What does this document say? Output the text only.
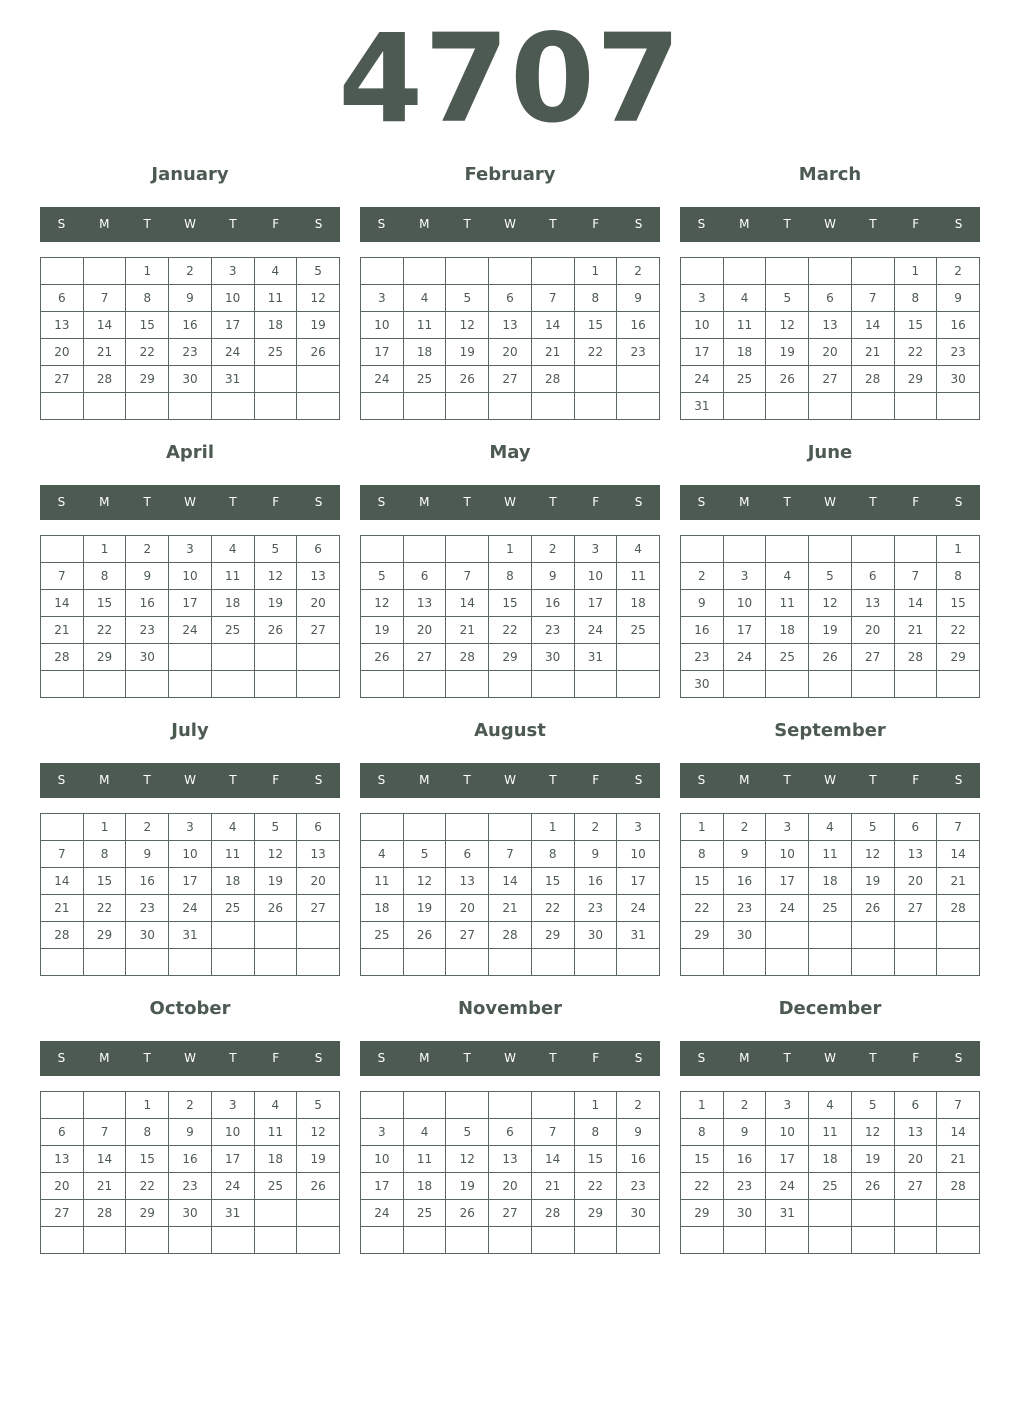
4707
January
S	M	T	W	T	F	S
		1	2	3	4	5
6	7	8	9	10	11	12
13	14	15	16	17	18	19
20	21	22	23	24	25	26
27	28	29	30	31		

February
S	M	T	W	T	F	S
					1	2
3	4	5	6	7	8	9
10	11	12	13	14	15	16
17	18	19	20	21	22	23
24	25	26	27	28		

March
S	M	T	W	T	F	S
					1	2
3	4	5	6	7	8	9
10	11	12	13	14	15	16
17	18	19	20	21	22	23
24	25	26	27	28	29	30
31						
April
S	M	T	W	T	F	S
	1	2	3	4	5	6
7	8	9	10	11	12	13
14	15	16	17	18	19	20
21	22	23	24	25	26	27
28	29	30				

May
S	M	T	W	T	F	S
			1	2	3	4
5	6	7	8	9	10	11
12	13	14	15	16	17	18
19	20	21	22	23	24	25
26	27	28	29	30	31	

June
S	M	T	W	T	F	S
						1
2	3	4	5	6	7	8
9	10	11	12	13	14	15
16	17	18	19	20	21	22
23	24	25	26	27	28	29
30						
July
S	M	T	W	T	F	S
	1	2	3	4	5	6
7	8	9	10	11	12	13
14	15	16	17	18	19	20
21	22	23	24	25	26	27
28	29	30	31			

August
S	M	T	W	T	F	S
				1	2	3
4	5	6	7	8	9	10
11	12	13	14	15	16	17
18	19	20	21	22	23	24
25	26	27	28	29	30	31

September
S	M	T	W	T	F	S
1	2	3	4	5	6	7
8	9	10	11	12	13	14
15	16	17	18	19	20	21
22	23	24	25	26	27	28
29	30					

October
S	M	T	W	T	F	S
		1	2	3	4	5
6	7	8	9	10	11	12
13	14	15	16	17	18	19
20	21	22	23	24	25	26
27	28	29	30	31		

November
S	M	T	W	T	F	S
					1	2
3	4	5	6	7	8	9
10	11	12	13	14	15	16
17	18	19	20	21	22	23
24	25	26	27	28	29	30

December
S	M	T	W	T	F	S
1	2	3	4	5	6	7
8	9	10	11	12	13	14
15	16	17	18	19	20	21
22	23	24	25	26	27	28
29	30	31				
